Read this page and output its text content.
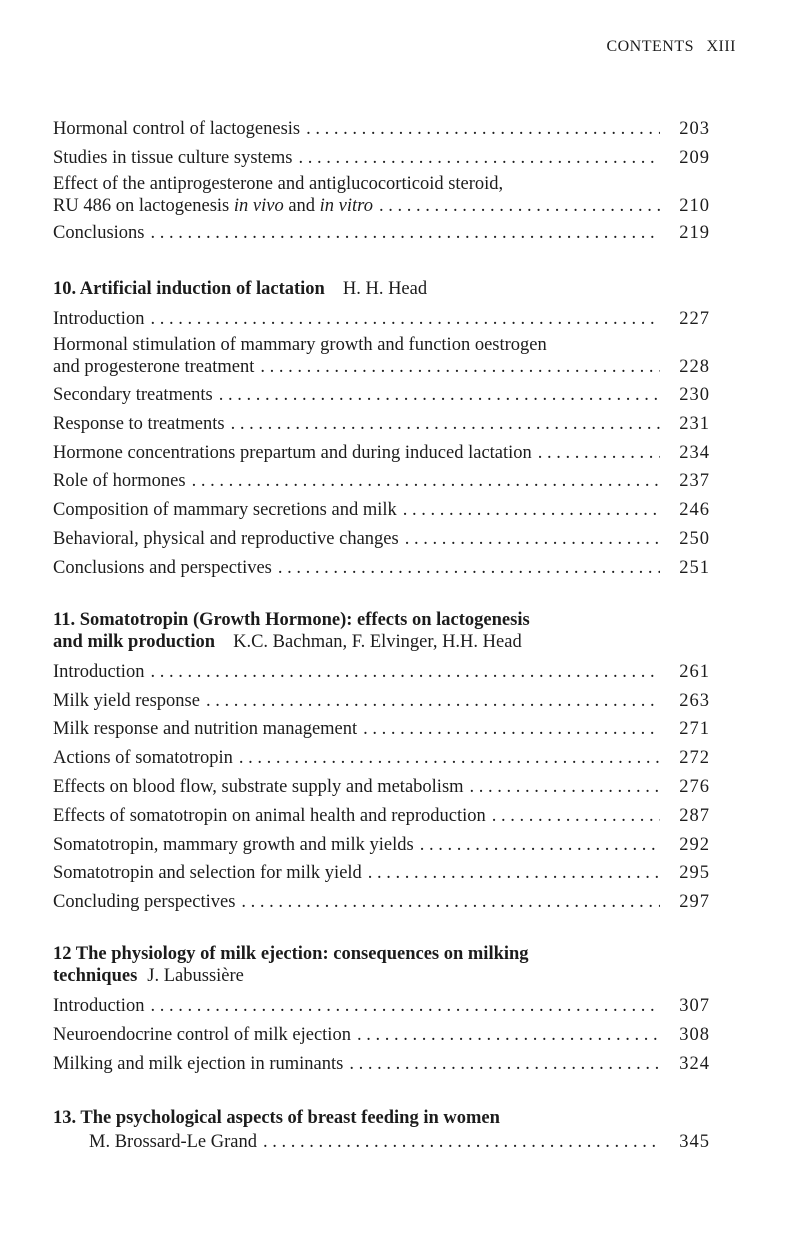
CONTENTS XIII
Hormonal control of lactogenesis . . .	203
Studies in tissue culture systems . . .	209
Effect of the antiprogesterone and antiglucocorticoid steroid,
RU 486 on lactogenesis in vivo and in vitro . . .	210
Conclusions . . .	219
10. Artificial induction of lactation H. H. Head
Introduction . . .	227
Hormonal stimulation of mammary growth and function oestrogen
and progesterone treatment . . .	228
Secondary treatments . . .	230
Response to treatments . . .	231
Hormone concentrations prepartum and during induced lactation . . .	234
Role of hormones . . .	237
Composition of mammary secretions and milk . . .	246
Behavioral, physical and reproductive changes . . .	250
Conclusions and perspectives . . .	251
11. Somatotropin (Growth Hormone): effects on lactogenesis
and milk production K.C. Bachman, F. Elvinger, H.H. Head
Introduction . . .	261
Milk yield response . . .	263
Milk response and nutrition management . . .	271
Actions of somatotropin . . .	272
Effects on blood flow, substrate supply and metabolism . . .	276
Effects of somatotropin on animal health and reproduction . . .	287
Somatotropin, mammary growth and milk yields . . .	292
Somatotropin and selection for milk yield . . .	295
Concluding perspectives . . .	297
12 The physiology of milk ejection: consequences on milking
techniques J. Labussière
Introduction . . .	307
Neuroendocrine control of milk ejection . . .	308
Milking and milk ejection in ruminants . . .	324
13. The psychological aspects of breast feeding in women
M. Brossard-Le Grand . . .	345
